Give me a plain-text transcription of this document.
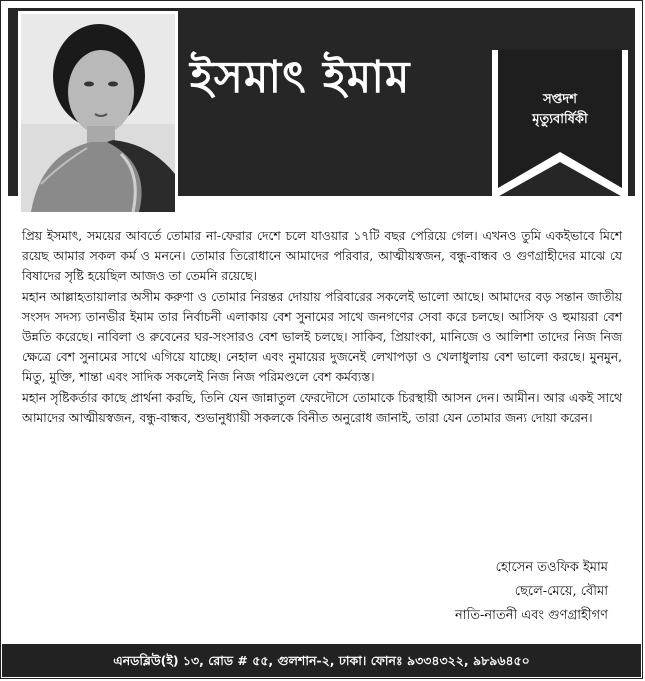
ইসমাৎ ইমাম	সপ্তদশ
মৃত্যুবার্ষিকী

প্রিয় ইসমাৎ, সময়ের আবর্তে তোমার না-ফেরার দেশে চলে যাওয়ার ১৭টি বছর পেরিয়ে গেল। এখনও তুমি একইভাবে মিশে রয়েছ আমার সকল কর্ম ও মননে। তোমার তিরোধানে আমাদের পরিবার, আত্মীয়স্বজন, বন্ধু-বান্ধব ও গুণগ্রাহীদের মাঝে যে বিষাদের সৃষ্টি হয়েছিল আজও তা তেমনি রয়েছে।

মহান আল্লাহতায়ালার অসীম করুণা ও তোমার নিরন্তর দোয়ায় পরিবারের সকলেই ভালো আছে। আমাদের বড় সন্তান জাতীয় সংসদ সদস্য তানভীর ইমাম তার নির্বাচনী এলাকায় বেশ সুনামের সাথে জনগণের সেবা করে চলছে। আসিফ ও হুমায়রা বেশ উন্নতি করেছে। নাবিলা ও রুবেনের ঘর-সংসারও বেশ ভালই চলছে। সাকিব, প্রিয়াংকা, মানিজে ও আলিশা তাদের নিজ নিজ ক্ষেত্রে বেশ সুনামের সাথে এগিয়ে যাচ্ছে। নেহাল এবং নুমায়ের দুজনেই লেখাপড়া ও খেলাধুলায় বেশ ভালো করছে। মুনমুন, মিতু, মুক্তি, শান্তা এবং সাদিক সকলেই নিজ নিজ পরিমণ্ডলে বেশ কর্মব্যস্ত।

মহান সৃষ্টিকর্তার কাছে প্রার্থনা করছি, তিনি যেন জান্নাতুল ফেরদৌসে তোমাকে চিরস্থায়ী আসন দেন। আমীন। আর একই সাথে আমাদের আত্মীয়স্বজন, বন্ধু-বান্ধব, শুভানুধ্যায়ী সকলকে বিনীত অনুরোধ জানাই, তারা যেন তোমার জন্য দোয়া করেন।

হোসেন তওফিক ইমাম
ছেলে-মেয়ে, বৌমা
নাতি-নাতনী এবং গুণগ্রাহীগণ
এনডব্লিউ(ই) ১৩, রোড # ৫৫, গুলশান-২, ঢাকা। ফোনঃ ৯৩৩৪৩২২, ৯৮৯৬৪৫০
